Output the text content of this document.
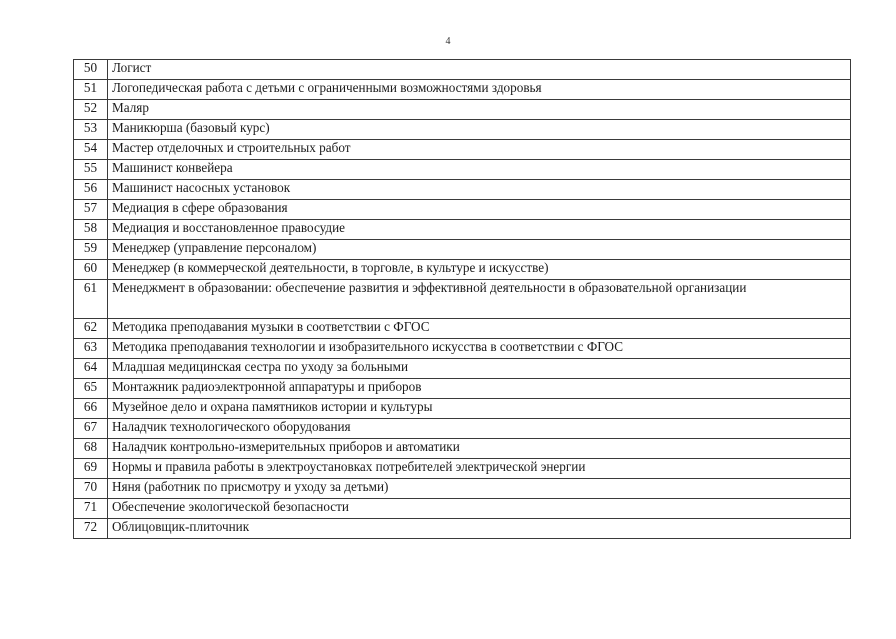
4
50	Логист
51	Логопедическая работа с детьми с ограниченными возможностями здоровья
52	Маляр
53	Маникюрша (базовый курс)
54	Мастер отделочных и строительных работ
55	Машинист конвейера
56	Машинист насосных установок
57	Медиация в сфере образования
58	Медиация и восстановленное правосудие
59	Менеджер (управление персоналом)
60	Менеджер (в коммерческой деятельности, в торговле, в культуре и искусстве)
61	Менеджмент в образовании: обеспечение развития и эффективной деятельности в образовательной организации
62	Методика преподавания музыки в соответствии с ФГОС
63	Методика преподавания технологии и изобразительного искусства в соответствии с ФГОС
64	Младшая медицинская сестра по уходу за больными
65	Монтажник радиоэлектронной аппаратуры и приборов
66	Музейное дело и охрана памятников истории и культуры
67	Наладчик технологического оборудования
68	Наладчик контрольно-измерительных приборов и автоматики
69	Нормы и правила работы в электроустановках потребителей электрической энергии
70	Няня (работник по присмотру и уходу за детьми)
71	Обеспечение экологической безопасности
72	Облицовщик-плиточник
